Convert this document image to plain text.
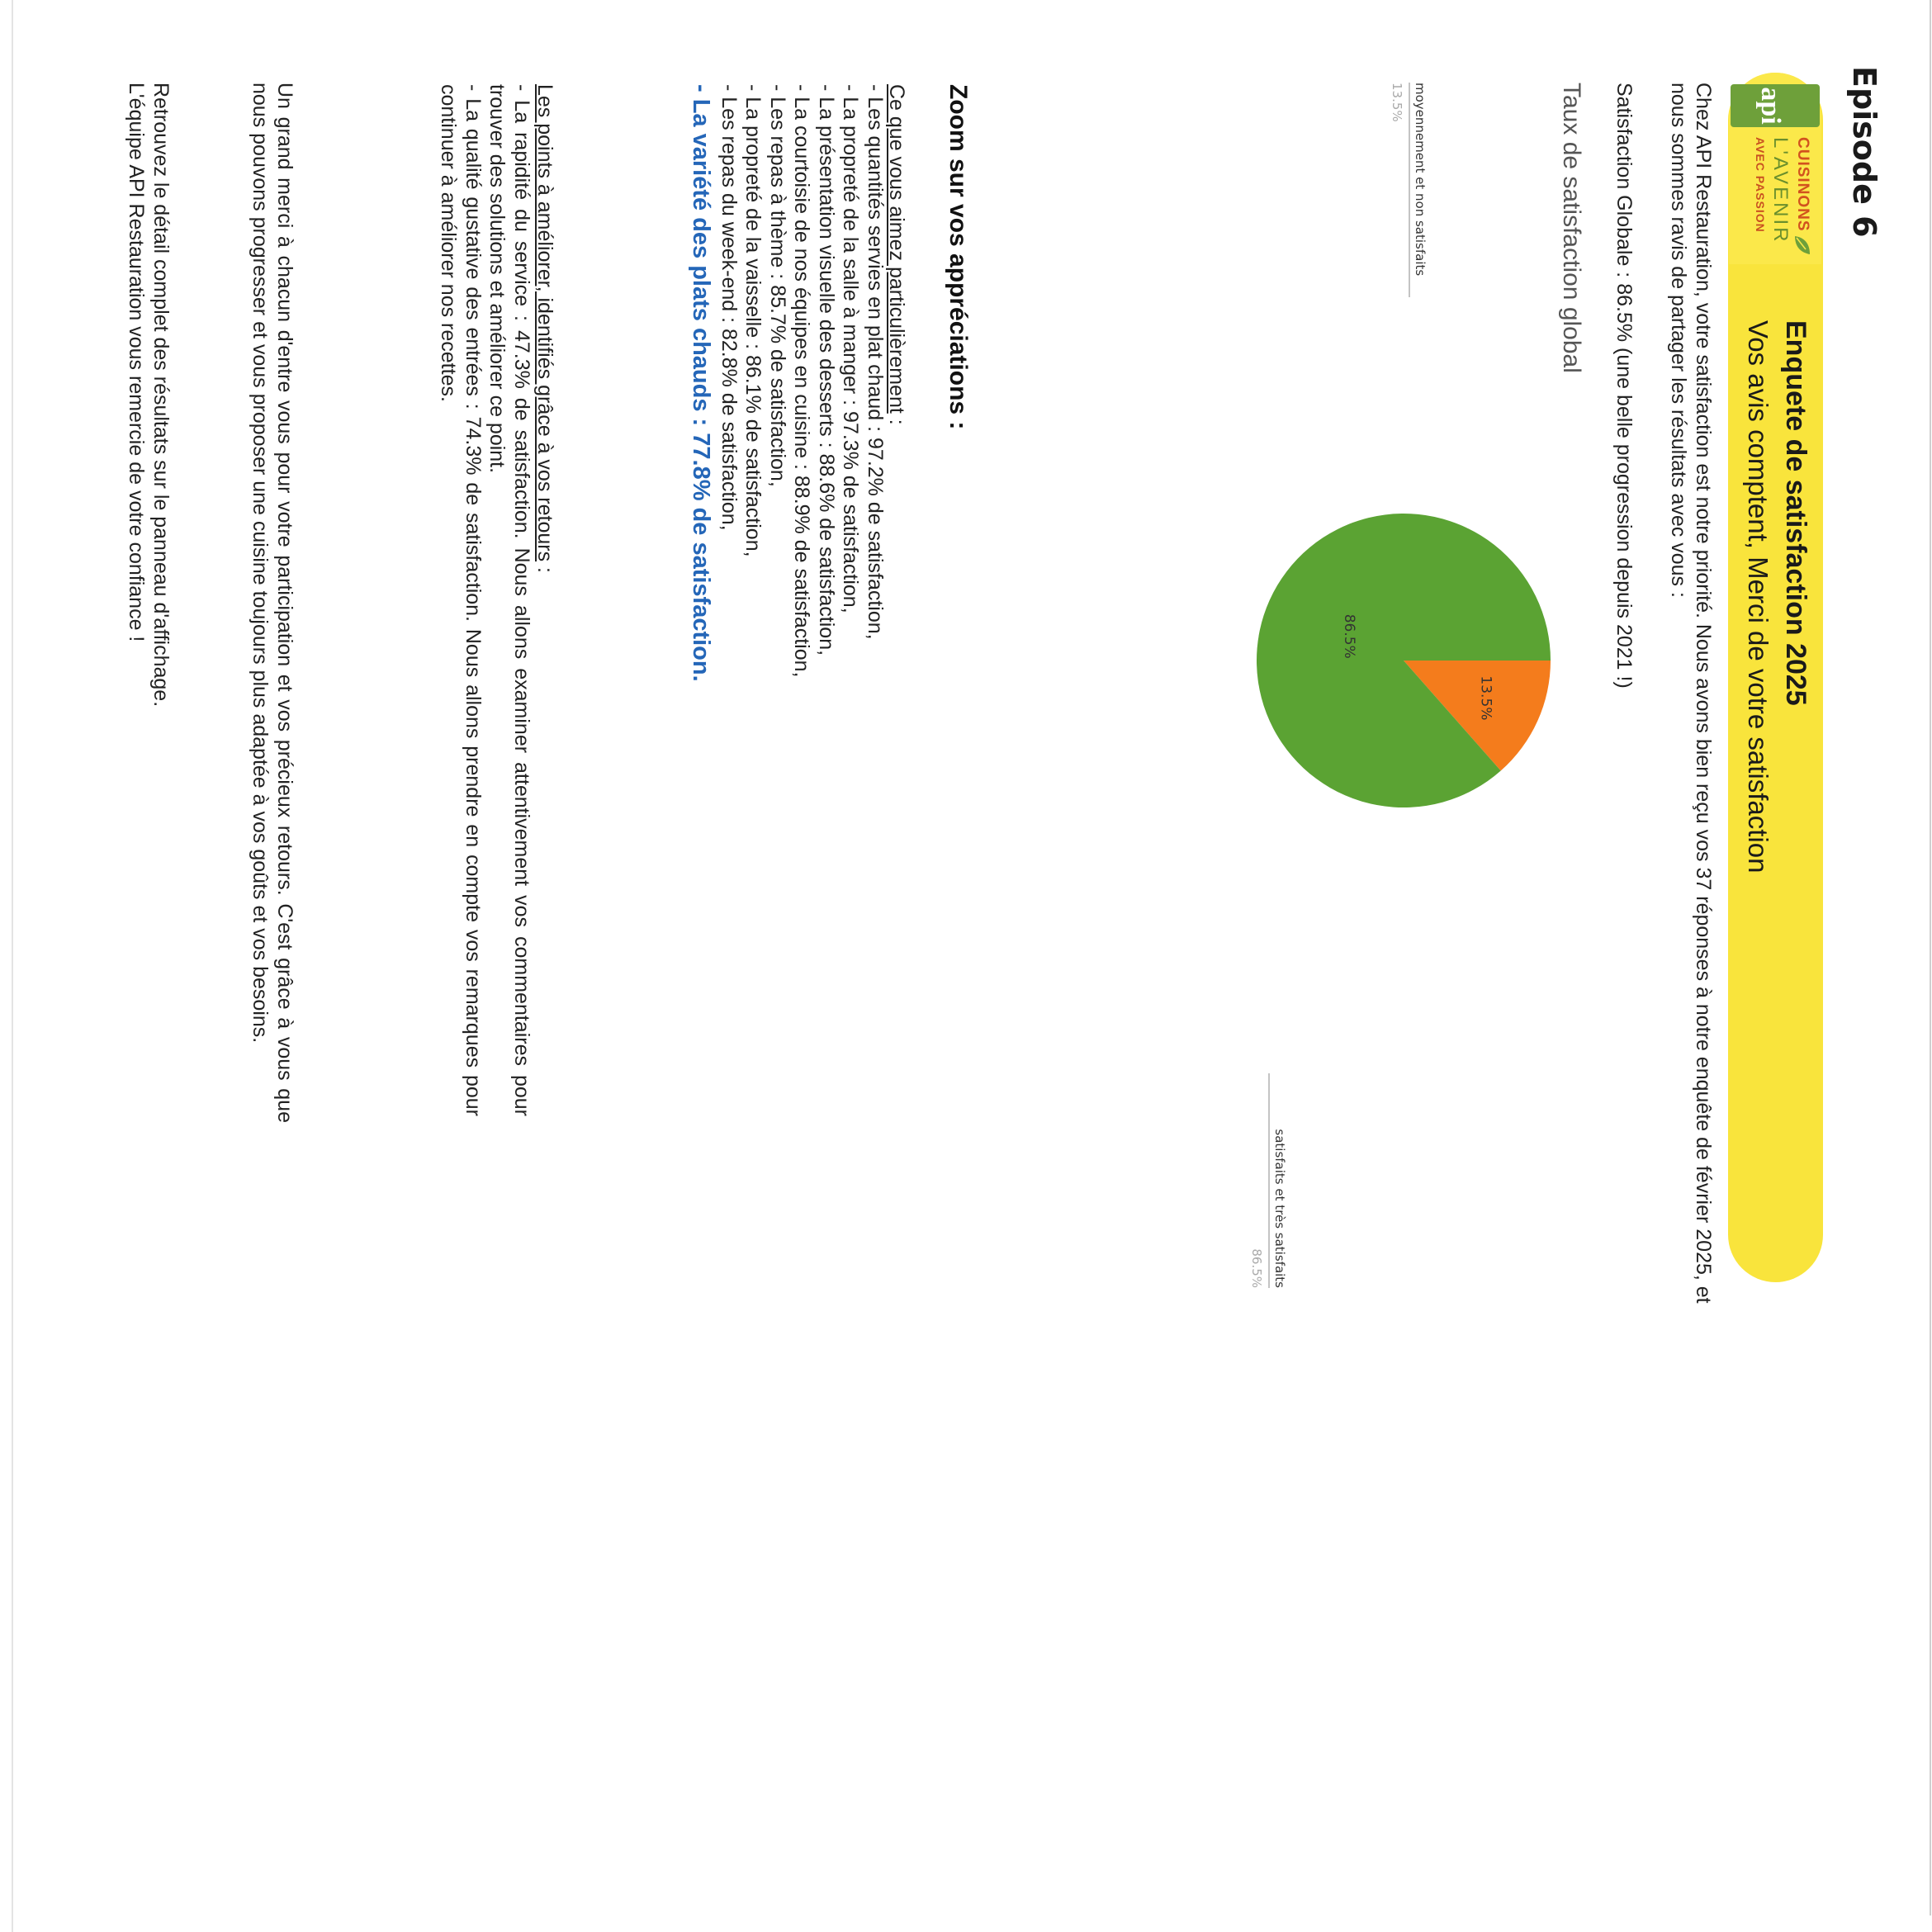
Episode 6
api

CUISINONS

L'AVENIR

AVEC PASSION

Enquete de satisfaction 2025

Vos avis comptent, Merci de votre satisfaction

Chez API Restauration, votre satisfaction est notre priorité. Nous avons bien reçu vos 37 réponses à notre enquête de février 2025, et nous sommes ravis de partager les résultats avec vous :

Satisfaction Globale : 86.5% (une belle progression depuis 2021 !)

Taux de satisfaction global

13.5%
86.5%
moyennement et non satisfaits
13.5%
satisfaits et très satisfaits
86.5%
Zoom sur vos appréciations :

Ce que vous aimez particulièrement :

- Les quantités servies en plat chaud : 97.2% de satisfaction,
- La propreté de la salle à manger : 97.3% de satisfaction,
- La présentation visuelle des desserts : 88.6% de satisfaction,
- La courtoisie de nos équipes en cuisine : 88.9% de satisfaction,
- Les repas à thème : 85.7% de satisfaction,
- La propreté de la vaisselle : 86.1% de satisfaction,
- Les repas du week-end : 82.8% de satisfaction,
- La variété des plats chauds : 77.8% de satisfaction.

Les points à améliorer, identifiés grâce à vos retours :

- La rapidité du service : 47.3% de satisfaction. Nous allons examiner attentivement vos commentaires pour trouver des solutions et améliorer ce point.
- La qualité gustative des entrées : 74.3% de satisfaction. Nous allons prendre en compte vos remarques pour continuer à améliorer nos recettes.

Un grand merci à chacun d'entre vous pour votre participation et vos précieux retours. C'est grâce à vous que nous pouvons progresser et vous proposer une cuisine toujours plus adaptée à vos goûts et vos besoins.

Retrouvez le détail complet des résultats sur le panneau d'affichage.
L'équipe API Restauration vous remercie de votre confiance !
